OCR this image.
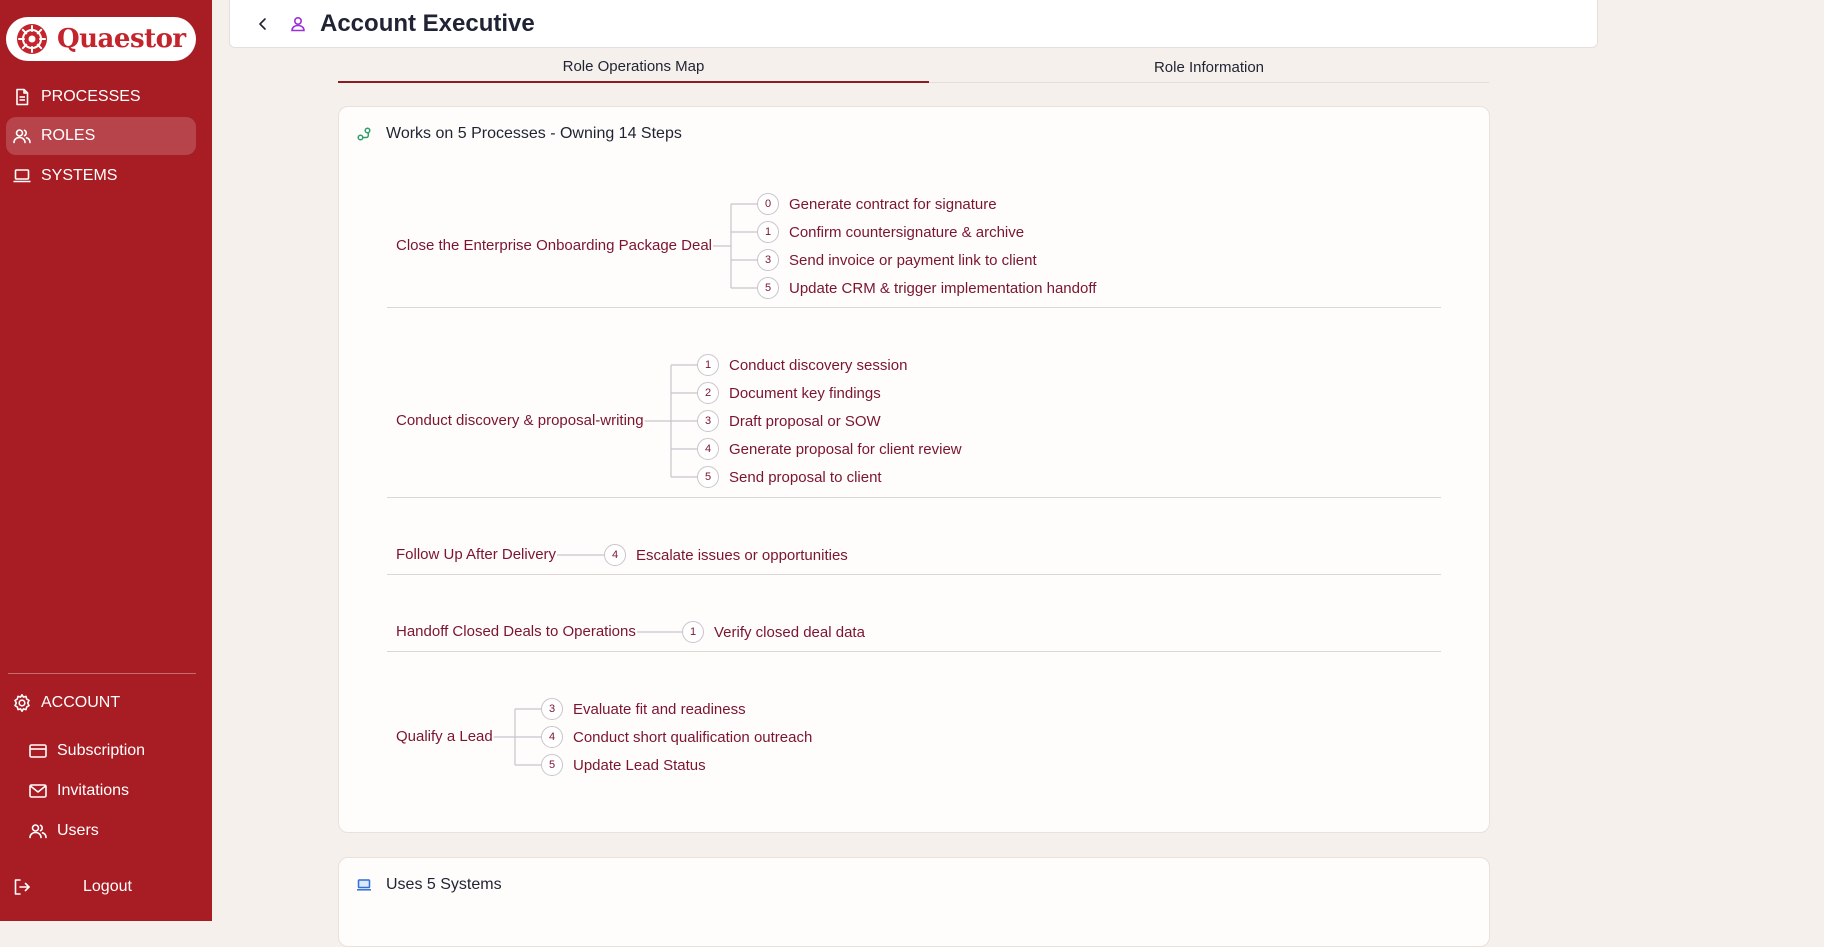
Quaestor
PROCESSES
ROLES
SYSTEMS
ACCOUNT
Subscription
Invitations
Users
Logout
Account Executive
Role Operations Map	Role Information
Works on 5 Processes - Owning 14 Steps
Close the Enterprise Onboarding Package Deal
0	Generate contract for signature
1	Confirm countersignature & archive
3	Send invoice or payment link to client
5	Update CRM & trigger implementation handoff
Conduct discovery & proposal-writing
1	Conduct discovery session
2	Document key findings
3	Draft proposal or SOW
4	Generate proposal for client review
5	Send proposal to client
Follow Up After Delivery	4	Escalate issues or opportunities
Handoff Closed Deals to Operations	1	Verify closed deal data
Qualify a Lead
3	Evaluate fit and readiness
4	Conduct short qualification outreach
5	Update Lead Status
Uses 5 Systems
